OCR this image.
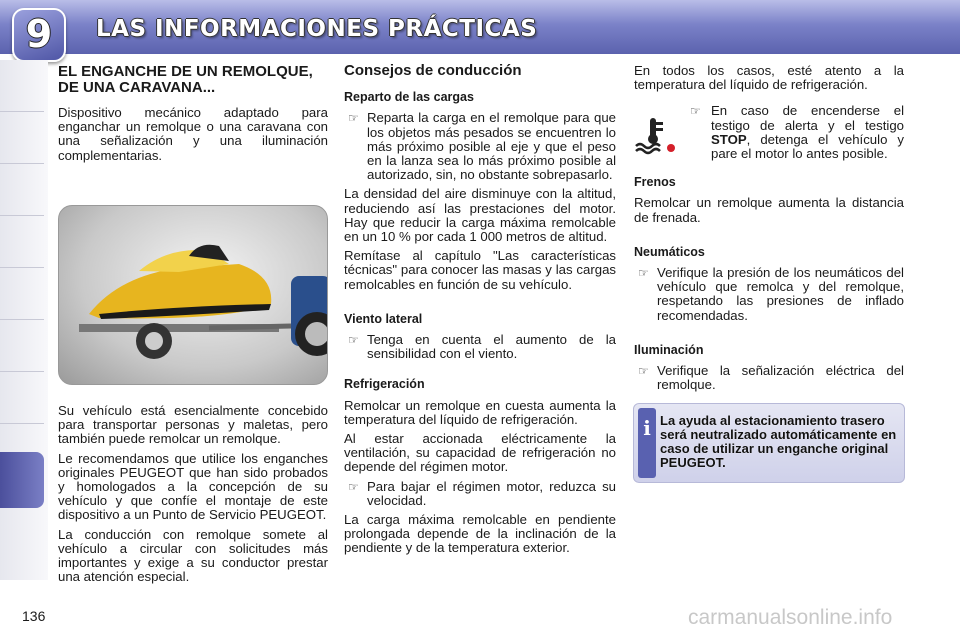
LAS INFORMACIONES PRÁCTICAS
9
EL ENGANCHE DE UN REMOLQUE, DE UNA CARAVANA...

Dispositivo mecánico adaptado para enganchar un remolque o una caravana con una señalización y una iluminación complementarias.

Su vehículo está esencialmente concebido para transportar personas y maletas, pero también puede remolcar un remolque.

Le recomendamos que utilice los enganches originales PEUGEOT que han sido probados y homologados a la concepción de su vehículo y que confíe el montaje de este dispositivo a un Punto de Servicio PEUGEOT.

La conducción con remolque somete al vehículo a circular con solicitudes más importantes y exige a su conductor prestar una atención especial.

Consejos de conducción
Reparto de las cargas
☞ Reparta la carga en el remolque para que los objetos más pesados se encuentren lo más próximo posible al eje y que el peso en la lanza sea lo más próximo posible al autorizado, sin, no obstante sobrepasarlo.

La densidad del aire disminuye con la altitud, reduciendo así las prestaciones del motor. Hay que reducir la carga máxima remolcable en un 10 % por cada 1 000 metros de altitud.

Remítase al capítulo "Las características técnicas" para conocer las masas y las cargas remolcables en función de su vehículo.

Viento lateral
☞ Tenga en cuenta el aumento de la sensibilidad con el viento.
Refrigeración

Remolcar un remolque en cuesta aumenta la temperatura del líquido de refrigeración.

Al estar accionada eléctricamente la ventilación, su capacidad de refrigeración no depende del régimen motor.

☞ Para bajar el régimen motor, reduzca su velocidad.

La carga máxima remolcable en pendiente prolongada depende de la inclinación de la pendiente y de la temperatura exterior.

En todos los casos, esté atento a la temperatura del líquido de refrigeración.

☞ En caso de encenderse el testigo de alerta y el testigo STOP, detenga el vehículo y pare el motor lo antes posible.
Frenos

Remolcar un remolque aumenta la distancia de frenada.

Neumáticos
☞ Verifique la presión de los neumáticos del vehículo que remolca y del remolque, respetando las presiones de inflado recomendadas.
Iluminación
☞ Verifique la señalización eléctrica del remolque.
i La ayuda al estacionamiento trasero será neutralizado automáticamente en caso de utilizar un enganche original PEUGEOT.
136	carmanualsonline.info
